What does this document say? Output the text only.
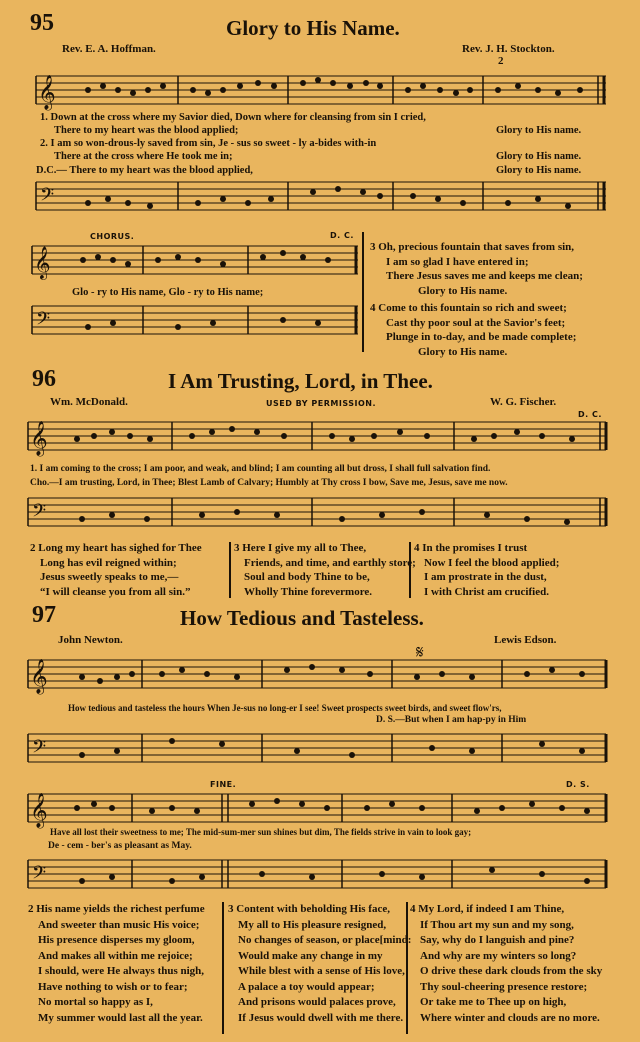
95	Glory to His Name.
Rev. E. A. Hoffman.	Rev. J. H. Stockton.
2
𝄞
1. Down at the cross where my Savior died, Down where for cleansing from sin I cried,
There to my heart was the blood applied;
2. I am so won-drous-ly saved from sin, Je - sus so sweet - ly a-bides with-in
There at the cross where He took me in;
D.C.— There to my heart was the blood applied,
Glory to His name.
Glory to His name.
Glory to His name.
𝄢
CHORUS.	D. C.
𝄞
Glo - ry to His name, Glo - ry to His name;
𝄢
3 Oh, precious fountain that saves from sin,
I am so glad I have entered in;
There Jesus saves me and keeps me clean;
Glory to His name.
4 Come to this fountain so rich and sweet;
Cast thy poor soul at the Savior's feet;
Plunge in to-day, and be made complete;
Glory to His name.
96	I Am Trusting, Lord, in Thee.
Wm. McDonald.	USED BY PERMISSION.	W. G. Fischer.
D. C.
𝄞
1. I am coming to the cross; I am poor, and weak, and blind; I am counting all but dross, I shall full salvation find.
Cho.—I am trusting, Lord, in Thee; Blest Lamb of Calvary; Humbly at Thy cross I bow, Save me, Jesus, save me now.
𝄢
2 Long my heart has sighed for Thee
Long has evil reigned within;
Jesus sweetly speaks to me,—
“I will cleanse you from all sin.”
3 Here I give my all to Thee,
Friends, and time, and earthly store;
Soul and body Thine to be,
Wholly Thine forevermore.
4 In the promises I trust
Now I feel the blood applied;
I am prostrate in the dust,
I with Christ am crucified.
97	How Tedious and Tasteless.
John Newton.	Lewis Edson.
𝄋
𝄞
How tedious and tasteless the hours When Je-sus no long-er I see! Sweet prospects sweet birds, and sweet flow'rs,
D. S.—But when I am hap-py in Him
𝄢
FINE.	D. S.
𝄞
Have all lost their sweetness to me; The mid-sum-mer sun shines but dim, The fields strive in vain to look gay;
De - cem - ber's as pleasant as May.
𝄢
2 His name yields the richest perfume
And sweeter than music His voice;
His presence disperses my gloom,
And makes all within me rejoice;
I should, were He always thus nigh,
Have nothing to wish or to fear;
No mortal so happy as I,
My summer would last all the year.
3 Content with beholding His face,
My all to His pleasure resigned,
No changes of season, or place[mind:
Would make any change in my
While blest with a sense of His love,
A palace a toy would appear;
And prisons would palaces prove,
If Jesus would dwell with me there.
4 My Lord, if indeed I am Thine,
If Thou art my sun and my song,
Say, why do I languish and pine?
And why are my winters so long?
O drive these dark clouds from the sky
Thy soul-cheering presence restore;
Or take me to Thee up on high,
Where winter and clouds are no more.
